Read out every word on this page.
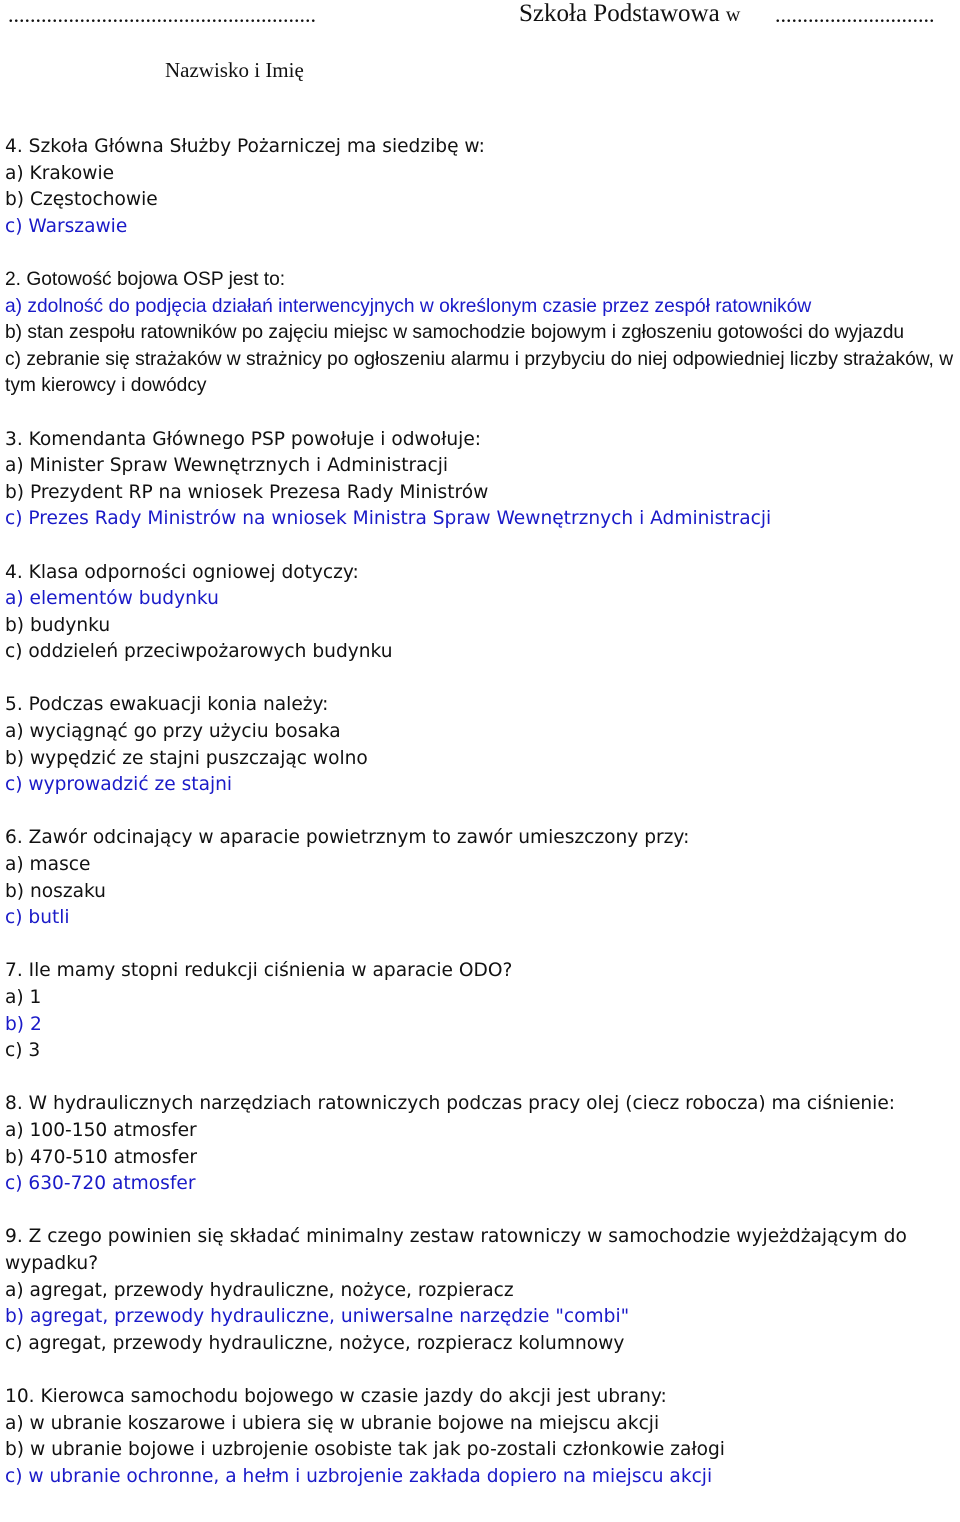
........................................................	Szkoła Podstawowa w .............................
Nazwisko i Imię
4. Szkoła Główna Służby Pożarniczej ma siedzibę w:
a) Krakowie
b) Częstochowie
c) Warszawie
2. Gotowość bojowa OSP jest to:
a) zdolność do podjęcia działań interwencyjnych w określonym czasie przez zespół ratowników
b) stan zespołu ratowników po zajęciu miejsc w samochodzie bojowym i zgłoszeniu gotowości do wyjazdu
c) zebranie się strażaków w strażnicy po ogłoszeniu alarmu i przybyciu do niej odpowiedniej liczby strażaków, w tym kierowcy i dowódcy
3. Komendanta Głównego PSP powołuje i odwołuje:
a) Minister Spraw Wewnętrznych i Administracji
b) Prezydent RP na wniosek Prezesa Rady Ministrów
c) Prezes Rady Ministrów na wniosek Ministra Spraw Wewnętrznych i Administracji
4. Klasa odporności ogniowej dotyczy:
a) elementów budynku
b) budynku
c) oddzieleń przeciwpożarowych budynku
5. Podczas ewakuacji konia należy:
a) wyciągnąć go przy użyciu bosaka
b) wypędzić ze stajni puszczając wolno
c) wyprowadzić ze stajni
6. Zawór odcinający w aparacie powietrznym to zawór umieszczony przy:
a) masce
b) noszaku
c) butli
7. Ile mamy stopni redukcji ciśnienia w aparacie ODO?
a) 1
b) 2
c) 3
8. W hydraulicznych narzędziach ratowniczych podczas pracy olej (ciecz robocza) ma ciśnienie:
a) 100-150 atmosfer
b) 470-510 atmosfer
c) 630-720 atmosfer
9. Z czego powinien się składać minimalny zestaw ratowniczy w samochodzie wyjeżdżającym do wypadku?
a) agregat, przewody hydrauliczne, nożyce, rozpieracz
b) agregat, przewody hydrauliczne, uniwersalne narzędzie "combi"
c) agregat, przewody hydrauliczne, nożyce, rozpieracz kolumnowy
10. Kierowca samochodu bojowego w czasie jazdy do akcji jest ubrany:
a) w ubranie koszarowe i ubiera się w ubranie bojowe na miejscu akcji
b) w ubranie bojowe i uzbrojenie osobiste tak jak po-zostali członkowie załogi
c) w ubranie ochronne, a hełm i uzbrojenie zakłada dopiero na miejscu akcji
